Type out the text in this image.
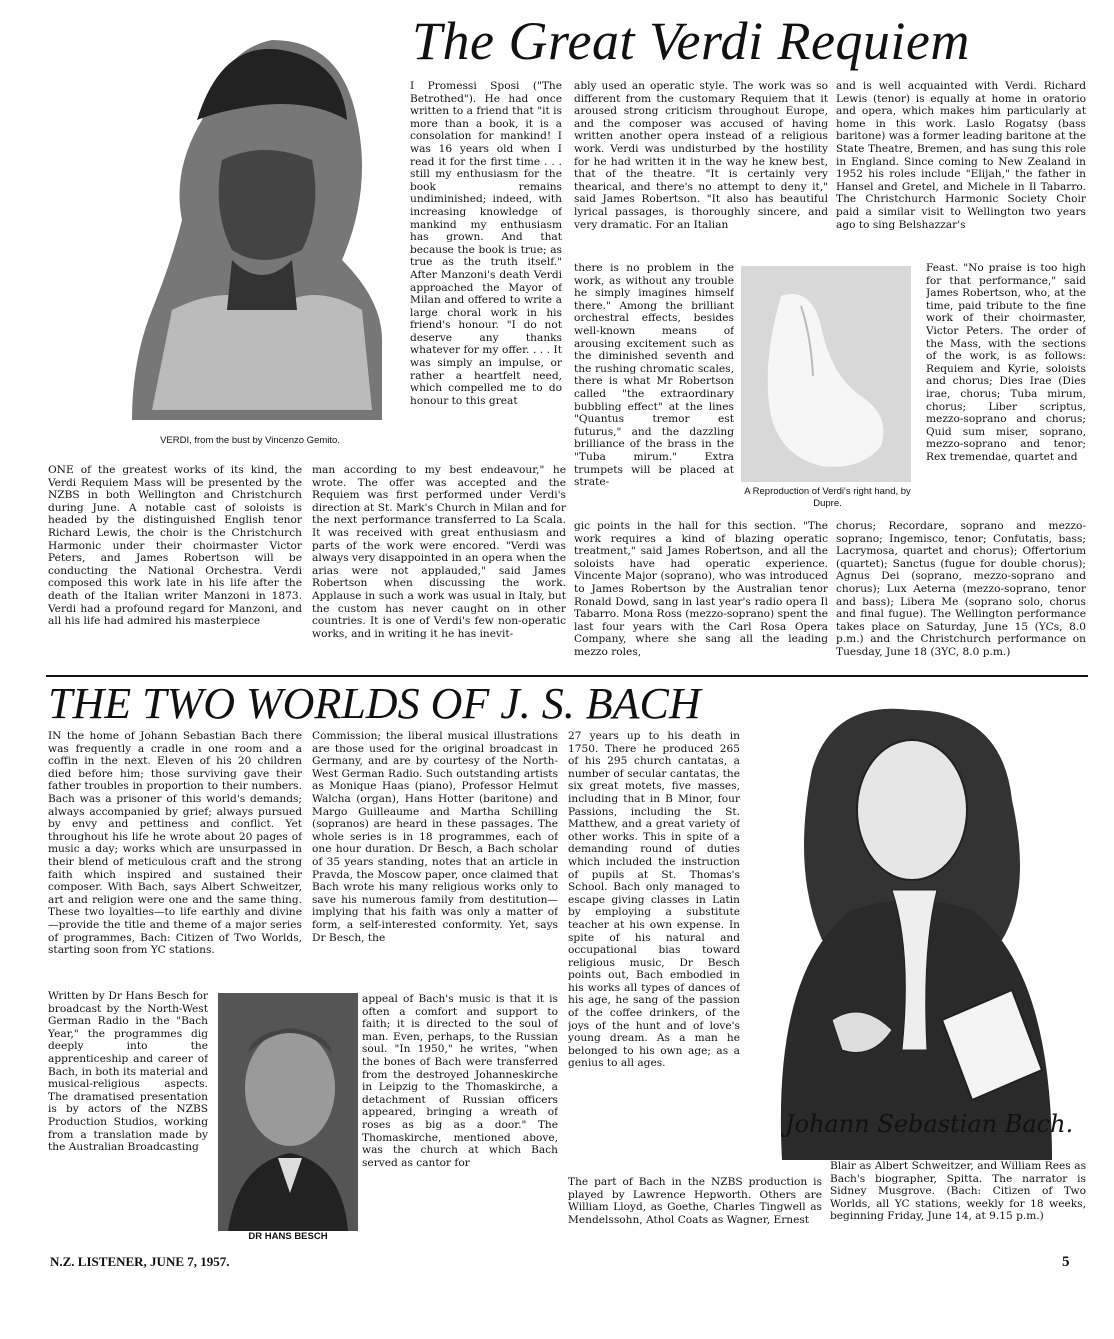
The Great Verdi Requiem
VERDI, from the bust by Vincenzo Gemito.

I Promessi Sposi ("The Betrothed"). He had once written to a friend that "it is more than a book, it is a consolation for mankind! I was 16 years old when I read it for the first time . . . still my enthusiasm for the book remains undiminished; indeed, with increasing knowledge of mankind my enthusiasm has grown. And that because the book is true; as true as the truth itself." After Manzoni's death Verdi approached the Mayor of Milan and offered to write a large choral work in his friend's honour. "I do not deserve any thanks whatever for my offer. . . . It was simply an impulse, or rather a heartfelt need, which compelled me to do honour to this great

ably used an operatic style. The work was so different from the customary Requiem that it aroused strong criticism throughout Europe, and the composer was accused of having written another opera instead of a religious work. Verdi was undisturbed by the hostility for he had written it in the way he knew best, that of the theatre. "It is certainly very thearical, and there's no attempt to deny it," said James Robertson. "It also has beautiful lyrical passages, is thoroughly sincere, and very dramatic. For an Italian

there is no problem in the work, as without any trouble he simply imagines himself there." Among the brilliant orchestral effects, besides well-known means of arousing excitement such as the diminished seventh and the rushing chromatic scales, there is what Mr Robertson called "the extraordinary bubbling effect" at the lines "Quantus tremor est futurus," and the dazzling brilliance of the brass in the "Tuba mirum." Extra trumpets will be placed at strate-

A Reproduction of Verdi's right hand, by Dupre.

and is well acquainted with Verdi. Richard Lewis (tenor) is equally at home in oratorio and opera, which makes him particularly at home in this work. Laslo Rogatsy (bass baritone) was a former leading baritone at the State Theatre, Bremen, and has sung this role in England. Since coming to New Zealand in 1952 his roles include "Elijah," the father in Hansel and Gretel, and Michele in Il Tabarro. The Christchurch Harmonic Society Choir paid a similar visit to Wellington two years ago to sing Belshazzar's

Feast. "No praise is too high for that performance," said James Robertson, who, at the time, paid tribute to the fine work of their choirmaster, Victor Peters. The order of the Mass, with the sections of the work, is as follows: Requiem and Kyrie, soloists and chorus; Dies Irae (Dies irae, chorus; Tuba mirum, chorus; Liber scriptus, mezzo-soprano and chorus; Quid sum miser, soprano, mezzo-soprano and tenor; Rex tremendae, quartet and

ONE of the greatest works of its kind, the Verdi Requiem Mass will be presented by the NZBS in both Wellington and Christchurch during June. A notable cast of soloists is headed by the distinguished English tenor Richard Lewis, the choir is the Christchurch Harmonic under their choirmaster Victor Peters, and James Robertson will be conducting the National Orchestra. Verdi composed this work late in his life after the death of the Italian writer Manzoni in 1873. Verdi had a profound regard for Manzoni, and all his life had admired his masterpiece

man according to my best endeavour," he wrote. The offer was accepted and the Requiem was first performed under Verdi's direction at St. Mark's Church in Milan and for the next performance transferred to La Scala. It was received with great enthusiasm and parts of the work were encored. "Verdi was always very disappointed in an opera when the arias were not applauded," said James Robertson when discussing the work. Applause in such a work was usual in Italy, but the custom has never caught on in other countries. It is one of Verdi's few non-operatic works, and in writing it he has inevit-

gic points in the hall for this section. "The work requires a kind of blazing operatic treatment," said James Robertson, and all the soloists have had operatic experience. Vincente Major (soprano), who was introduced to James Robertson by the Australian tenor Ronald Dowd, sang in last year's radio opera Il Tabarro. Mona Ross (mezzo-soprano) spent the last four years with the Carl Rosa Opera Company, where she sang all the leading mezzo roles,

chorus; Recordare, soprano and mezzo-soprano; Ingemisco, tenor; Confutatis, bass; Lacrymosa, quartet and chorus); Offertorium (quartet); Sanctus (fugue for double chorus); Agnus Dei (soprano, mezzo-soprano and chorus); Lux Aeterna (mezzo-soprano, tenor and bass); Libera Me (soprano solo, chorus and final fugue). The Wellington performance takes place on Saturday, June 15 (YCs, 8.0 p.m.) and the Christchurch performance on Tuesday, June 18 (3YC, 8.0 p.m.)

THE TWO WORLDS OF J. S. BACH

IN the home of Johann Sebastian Bach there was frequently a cradle in one room and a coffin in the next. Eleven of his 20 children died before him; those surviving gave their father troubles in proportion to their numbers. Bach was a prisoner of this world's demands; always accompanied by grief; always pursued by envy and pettiness and conflict. Yet throughout his life he wrote about 20 pages of music a day; works which are unsurpassed in their blend of meticulous craft and the strong faith which inspired and sustained their composer. With Bach, says Albert Schweitzer, art and religion were one and the same thing. These two loyalties—to life earthly and divine—provide the title and theme of a major series of programmes, Bach: Citizen of Two Worlds, starting soon from YC stations.

Written by Dr Hans Besch for broadcast by the North-West German Radio in the "Bach Year," the programmes dig deeply into the apprenticeship and career of Bach, in both its material and musical-religious aspects. The dramatised presentation is by actors of the NZBS Production Studios, working from a translation made by the Australian Broadcasting

DR HANS BESCH

Commission; the liberal musical illustrations are those used for the original broadcast in Germany, and are by courtesy of the North-West German Radio. Such outstanding artists as Monique Haas (piano), Professor Helmut Walcha (organ), Hans Hotter (baritone) and Margo Guilleaume and Martha Schilling (sopranos) are heard in these passages. The whole series is in 18 programmes, each of one hour duration. Dr Besch, a Bach scholar of 35 years standing, notes that an article in Pravda, the Moscow paper, once claimed that Bach wrote his many religious works only to save his numerous family from destitution—implying that his faith was only a matter of form, a self-interested conformity. Yet, says Dr Besch, the

appeal of Bach's music is that it is often a comfort and support to faith; it is directed to the soul of man. Even, perhaps, to the Russian soul. "In 1950," he writes, "when the bones of Bach were transferred from the destroyed Johanneskirche in Leipzig to the Thomaskirche, a detachment of Russian officers appeared, bringing a wreath of roses as big as a door." The Thomaskirche, mentioned above, was the church at which Bach served as cantor for

27 years up to his death in 1750. There he produced 265 of his 295 church cantatas, a number of secular cantatas, the six great motets, five masses, including that in B Minor, four Passions, including the St. Matthew, and a great variety of other works. This in spite of a demanding round of duties which included the instruction of pupils at St. Thomas's School. Bach only managed to escape giving classes in Latin by employing a substitute teacher at his own expense. In spite of his natural and occupational bias toward religious music, Dr Besch points out, Bach embodied in his works all types of dances of his age, he sang of the passion of the coffee drinkers, of the joys of the hunt and of love's young dream. As a man he belonged to his own age; as a genius to all ages.

The part of Bach in the NZBS production is played by Lawrence Hepworth. Others are William Lloyd, as Goethe, Charles Tingwell as Mendelssohn, Athol Coats as Wagner, Ernest

Johann Sebastian Bach.

Blair as Albert Schweitzer, and William Rees as Bach's biographer, Spitta. The narrator is Sidney Musgrove. (Bach: Citizen of Two Worlds, all YC stations, weekly for 18 weeks, beginning Friday, June 14, at 9.15 p.m.)

N.Z. LISTENER, JUNE 7, 1957.	5
